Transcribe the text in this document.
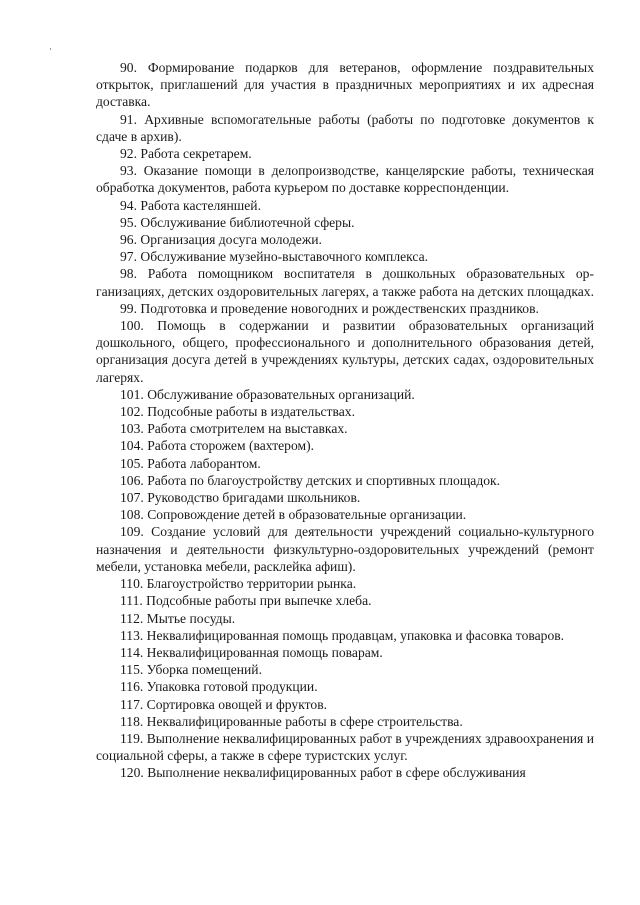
90. Формирование подарков для ветеранов, оформление поздравительных открыток, приглашений для участия в праздничных мероприятиях и их адресная доставка.

91. Архивные вспомогательные работы (работы по подготовке документов к сдаче в архив).

92. Работа секретарем.

93. Оказание помощи в делопроизводстве, канцелярские работы, техническая обработка документов, работа курьером по доставке корреспонденции.

94. Работа кастеляншей.

95. Обслуживание библиотечной сферы.

96. Организация досуга молодежи.

97. Обслуживание музейно-выставочного комплекса.

98. Работа помощником воспитателя в дошкольных образовательных организациях, детских оздоровительных лагерях, а также работа на детских площадках.

99. Подготовка и проведение новогодних и рождественских праздников.

100. Помощь в содержании и развитии образовательных организаций дошкольного, общего, профессионального и дополнительного образования детей, организация досуга детей в учреждениях культуры, детских садах, оздоровительных лагерях.

101. Обслуживание образовательных организаций.

102. Подсобные работы в издательствах.

103. Работа смотрителем на выставках.

104. Работа сторожем (вахтером).

105. Работа лаборантом.

106. Работа по благоустройству детских и спортивных площадок.

107. Руководство бригадами школьников.

108. Сопровождение детей в образовательные организации.

109. Создание условий для деятельности учреждений социально-культурного назначения и деятельности физкультурно-оздоровительных учреждений (ремонт мебели, установка мебели, расклейка афиш).

110. Благоустройство территории рынка.

111. Подсобные работы при выпечке хлеба.

112. Мытье посуды.

113. Неквалифицированная помощь продавцам, упаковка и фасовка товаров.

114. Неквалифицированная помощь поварам.

115. Уборка помещений.

116. Упаковка готовой продукции.

117. Сортировка овощей и фруктов.

118. Неквалифицированные работы в сфере строительства.

119. Выполнение неквалифицированных работ в учреждениях здравоохранения и социальной сферы, а также в сфере туристских услуг.

120. Выполнение неквалифицированных работ в сфере обслуживания
